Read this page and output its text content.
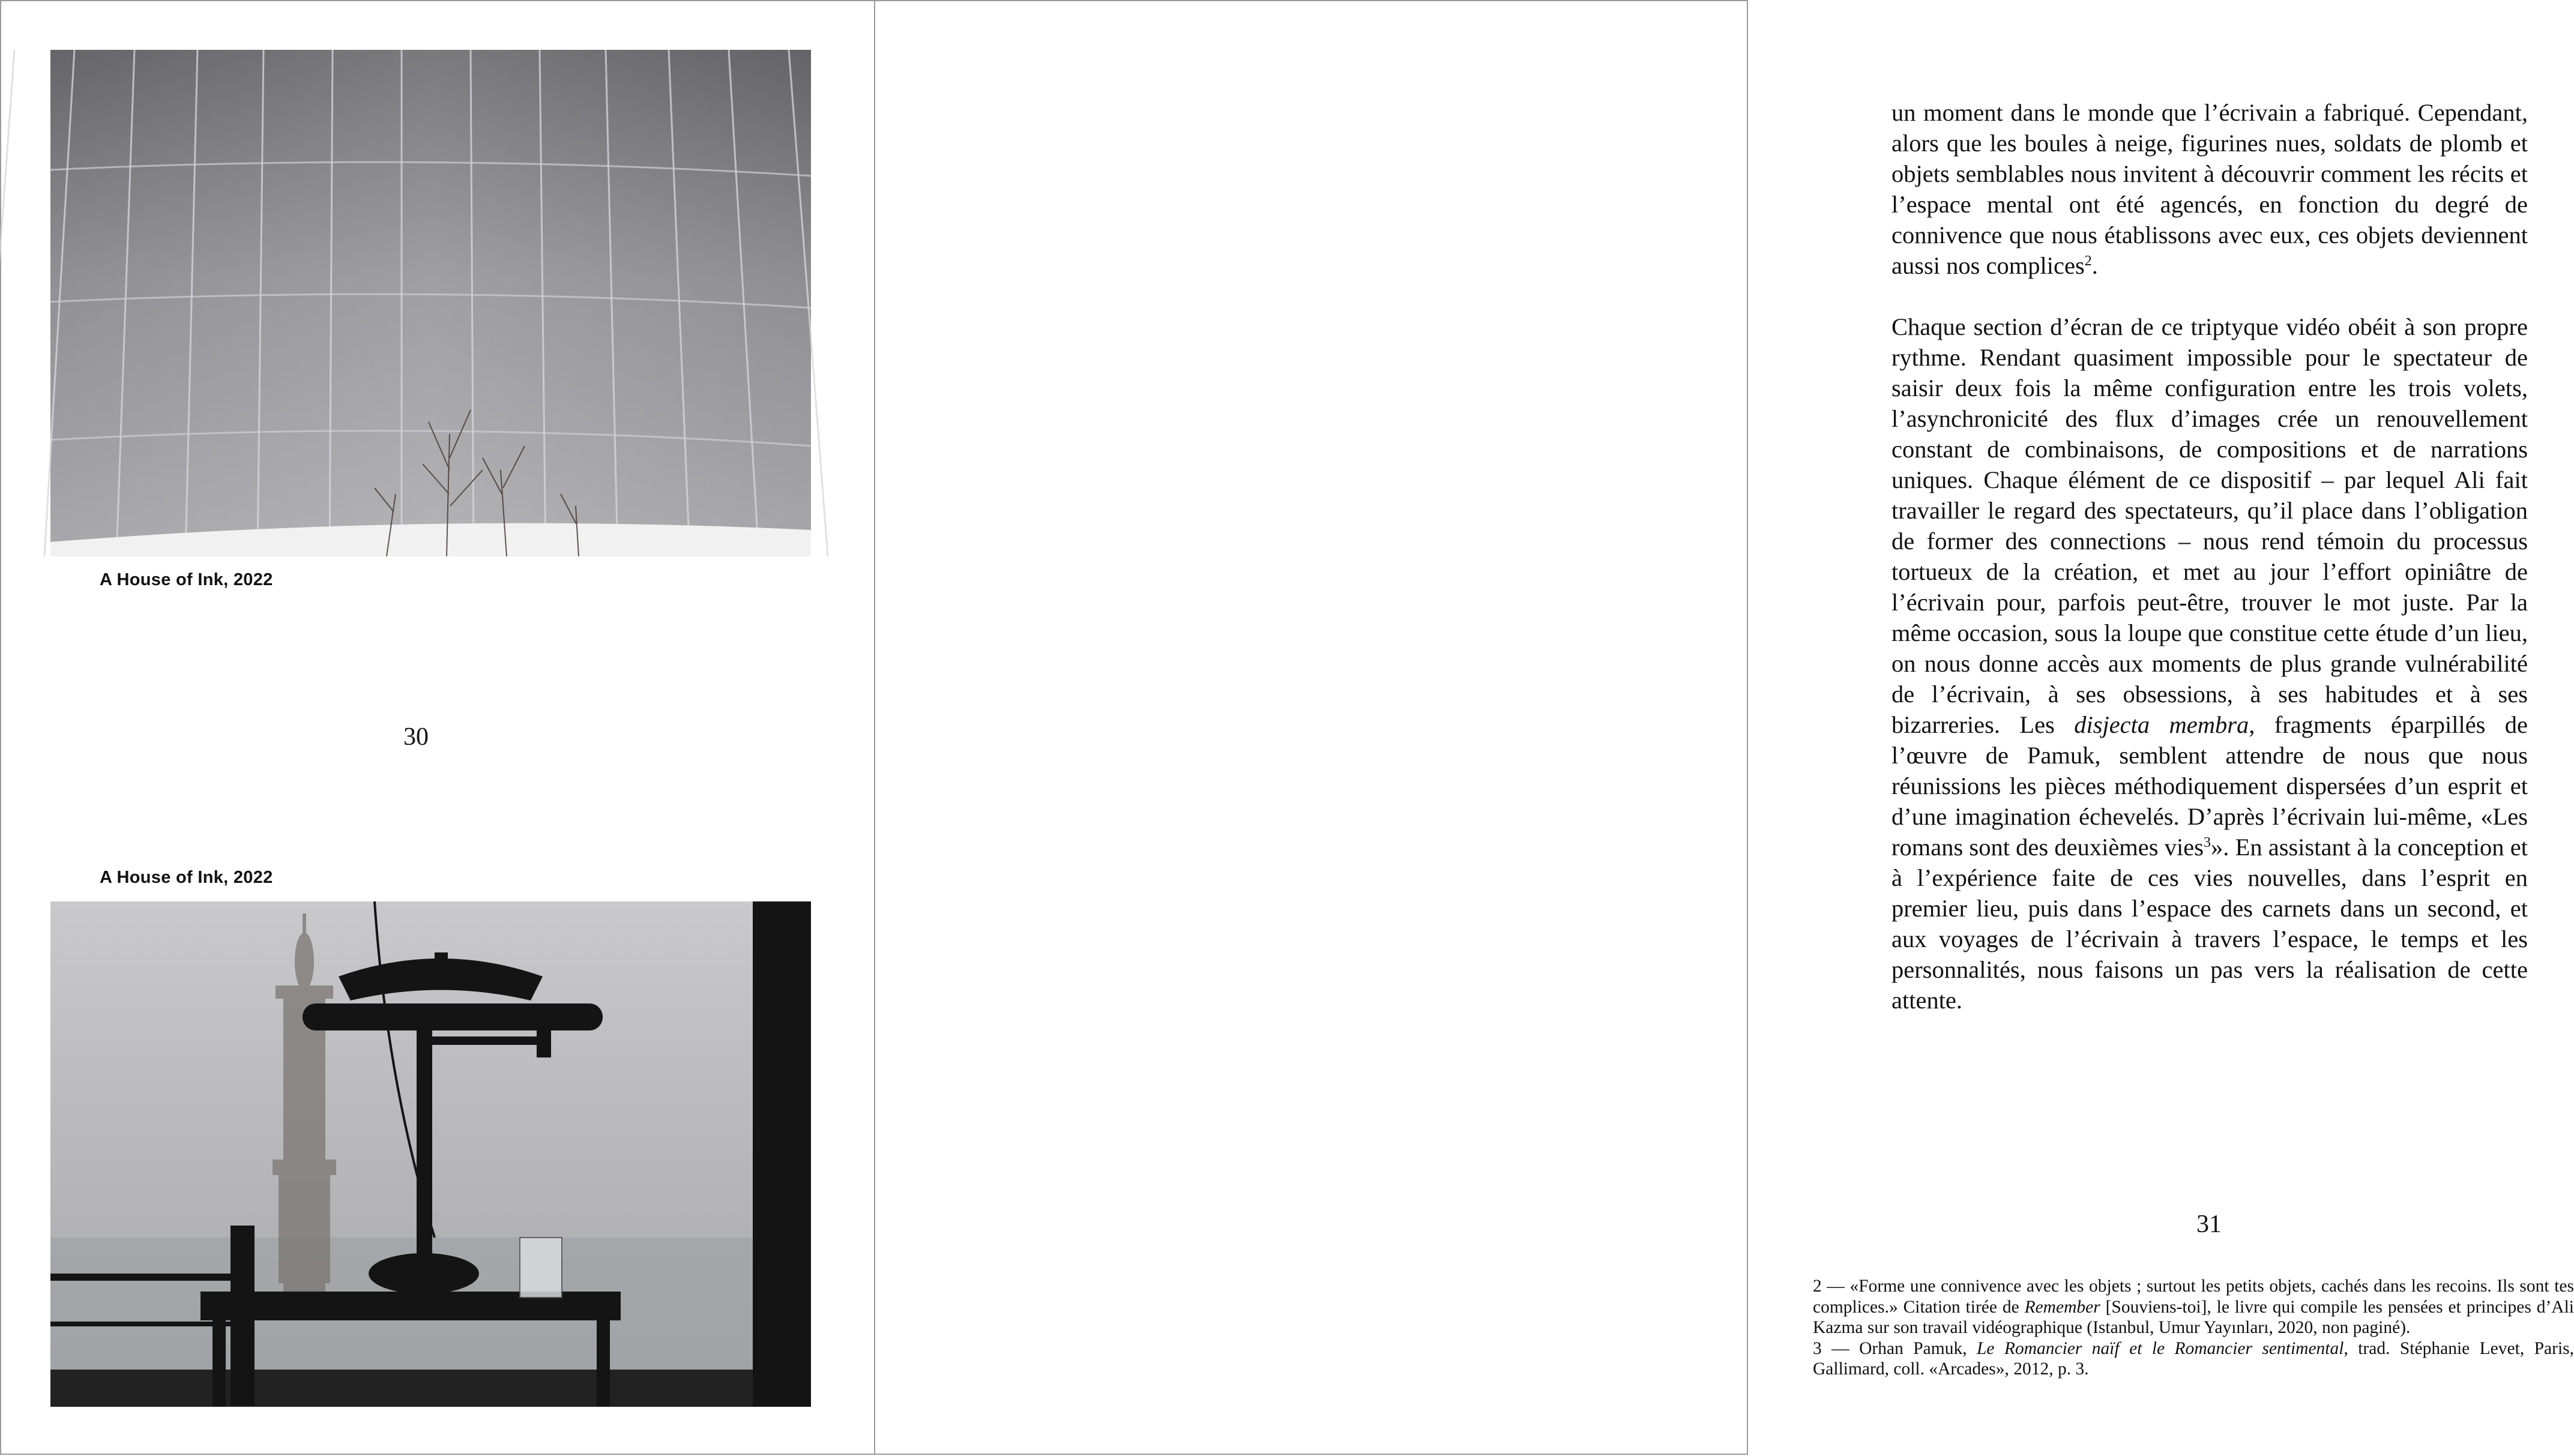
A House of Ink, 2022
30
A House of Ink, 2022

un moment dans le monde que l’écrivain a fabriqué. Cependant, alors que les boules à neige, figurines nues, soldats de plomb et objets semblables nous invitent à découvrir comment les récits et l’espace mental ont été agencés, en fonction du degré de connivence que nous établissons avec eux, ces objets deviennent aussi nos complices$^2$.

Chaque section d’écran de ce triptyque vidéo obéit à son propre rythme. Rendant quasiment impossible pour le spectateur de saisir deux fois la même configuration entre les trois volets, l’asynchronicité des flux d’images crée un renouvellement constant de combinaisons, de compositions et de narrations uniques. Chaque élément de ce dispositif – par lequel Ali fait travailler le regard des spectateurs, qu’il place dans l’obligation de former des connections – nous rend témoin du processus tortueux de la création, et met au jour l’effort opiniâtre de l’écrivain pour, parfois peut-être, trouver le mot juste. Par la même occasion, sous la loupe que constitue cette étude d’un lieu, on nous donne accès aux moments de plus grande vulnérabilité de l’écrivain, à ses obsessions, à ses habitudes et à ses bizarreries. Les disjecta membra, fragments éparpillés de l’œuvre de Pamuk, semblent attendre de nous que nous réunissions les pièces méthodiquement dispersées d’un esprit et d’une imagination échevelés. D’après l’écrivain lui-même, «Les romans sont des deuxièmes vies$^3$». En assistant à la conception et à l’expérience faite de ces vies nouvelles, dans l’esprit en premier lieu, puis dans l’espace des carnets dans un second, et aux voyages de l’écrivain à travers l’espace, le temps et les personnalités, nous faisons un pas vers la réalisation de cette attente.

31

2 — «Forme une connivence avec les objets ; surtout les petits objets, cachés dans les recoins. Ils sont tes complices.» Citation tirée de Remember [Souviens-toi], le livre qui compile les pensées et principes d’Ali Kazma sur son travail vidéographique (Istanbul, Umur Yayınları, 2020, non paginé).

3 — Orhan Pamuk, Le Romancier naïf et le Romancier sentimental, trad. Stéphanie Levet, Paris, Gallimard, coll. «Arcades», 2012, p. 3.
